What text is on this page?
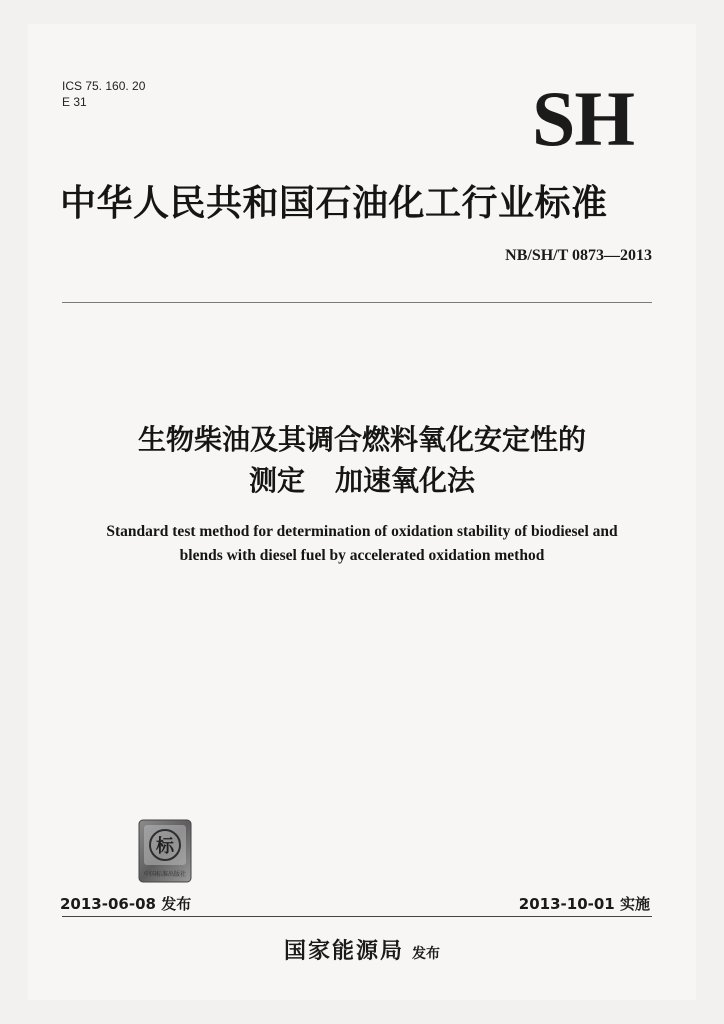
ICS 75. 160. 20
E 31	SH
中华人民共和国石油化工行业标准
NB/SH/T 0873—2013
生物柴油及其调合燃料氧化安定性的
测定 加速氧化法
Standard test method for determination of oxidation stability of biodiesel and
blends with diesel fuel by accelerated oxidation method
标
中国标准出版社
2013-06-08 发布	2013-10-01 实施
国家能源局 发布
